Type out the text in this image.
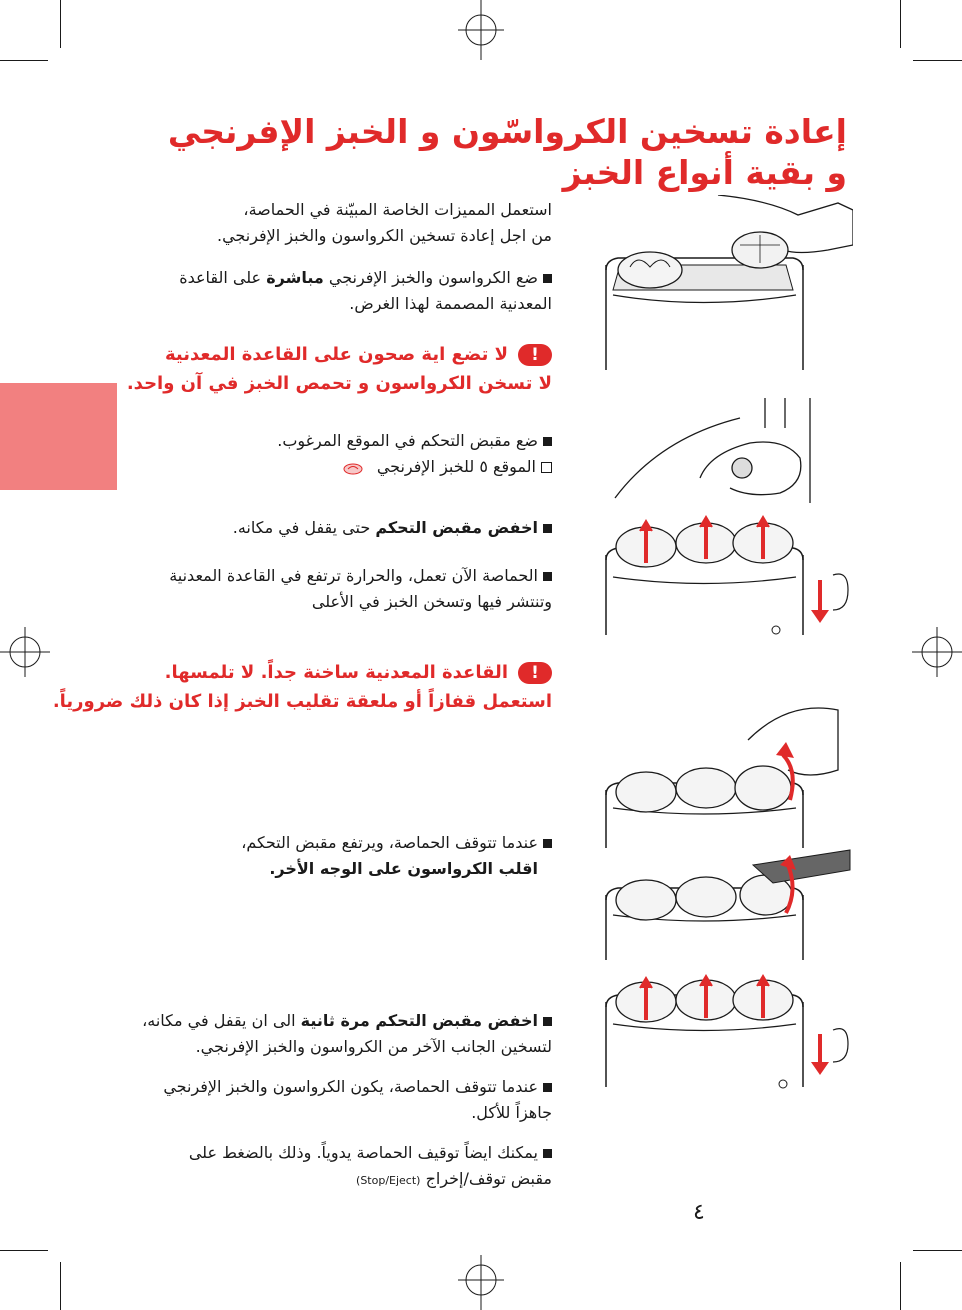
إعادة تسخين الكرواسّون و الخبز الإفرنجي
و بقية أنواع الخبز

استعمل المميزات الخاصة المبيّنة في الحماصة،

من اجل إعادة تسخين الكرواسون والخبز الإفرنجي.

ضع الكرواسون والخبز الإفرنجي مباشرة على القاعدة

المعدنية المصممة لهذا الغرض.

!لا تضع اية صحون على القاعدة المعدنية

لا تسخن الكرواسون و تحمص الخبز في آن واحد.

ضع مقبض التحكم في الموقع المرغوب.

الموقع ٥ للخبز الإفرنجي

اخفض مقبض التحكم حتى يقفل في مكانه.

الحماصة الآن تعمل، والحرارة ترتفع في القاعدة المعدنية

وتنتشر فيها وتسخن الخبز في الأعلى

!القاعدة المعدنية ساخنة جداً. لا تلمسها.

استعمل قفازاً أو ملعقة تقليب الخبز إذا كان ذلك ضرورياً.

عندما تتوقف الحماصة، ويرتفع مقبض التحكم،

اقلب الكرواسون على الوجه الأخر.

اخفض مقبض التحكم مرة ثانية الى ان يقفل في مكانه،

لتسخين الجانب الآخر من الكرواسون والخبز الإفرنجي.

عندما تتوقف الحماصة، يكون الكرواسون والخبز الإفرنجي

جاهزاً للأكل.

يمكنك ايضاً توقيف الحماصة يدوياً. وذلك بالضغط على

مقبض توقف/إخراج (Stop/Eject)

٤
